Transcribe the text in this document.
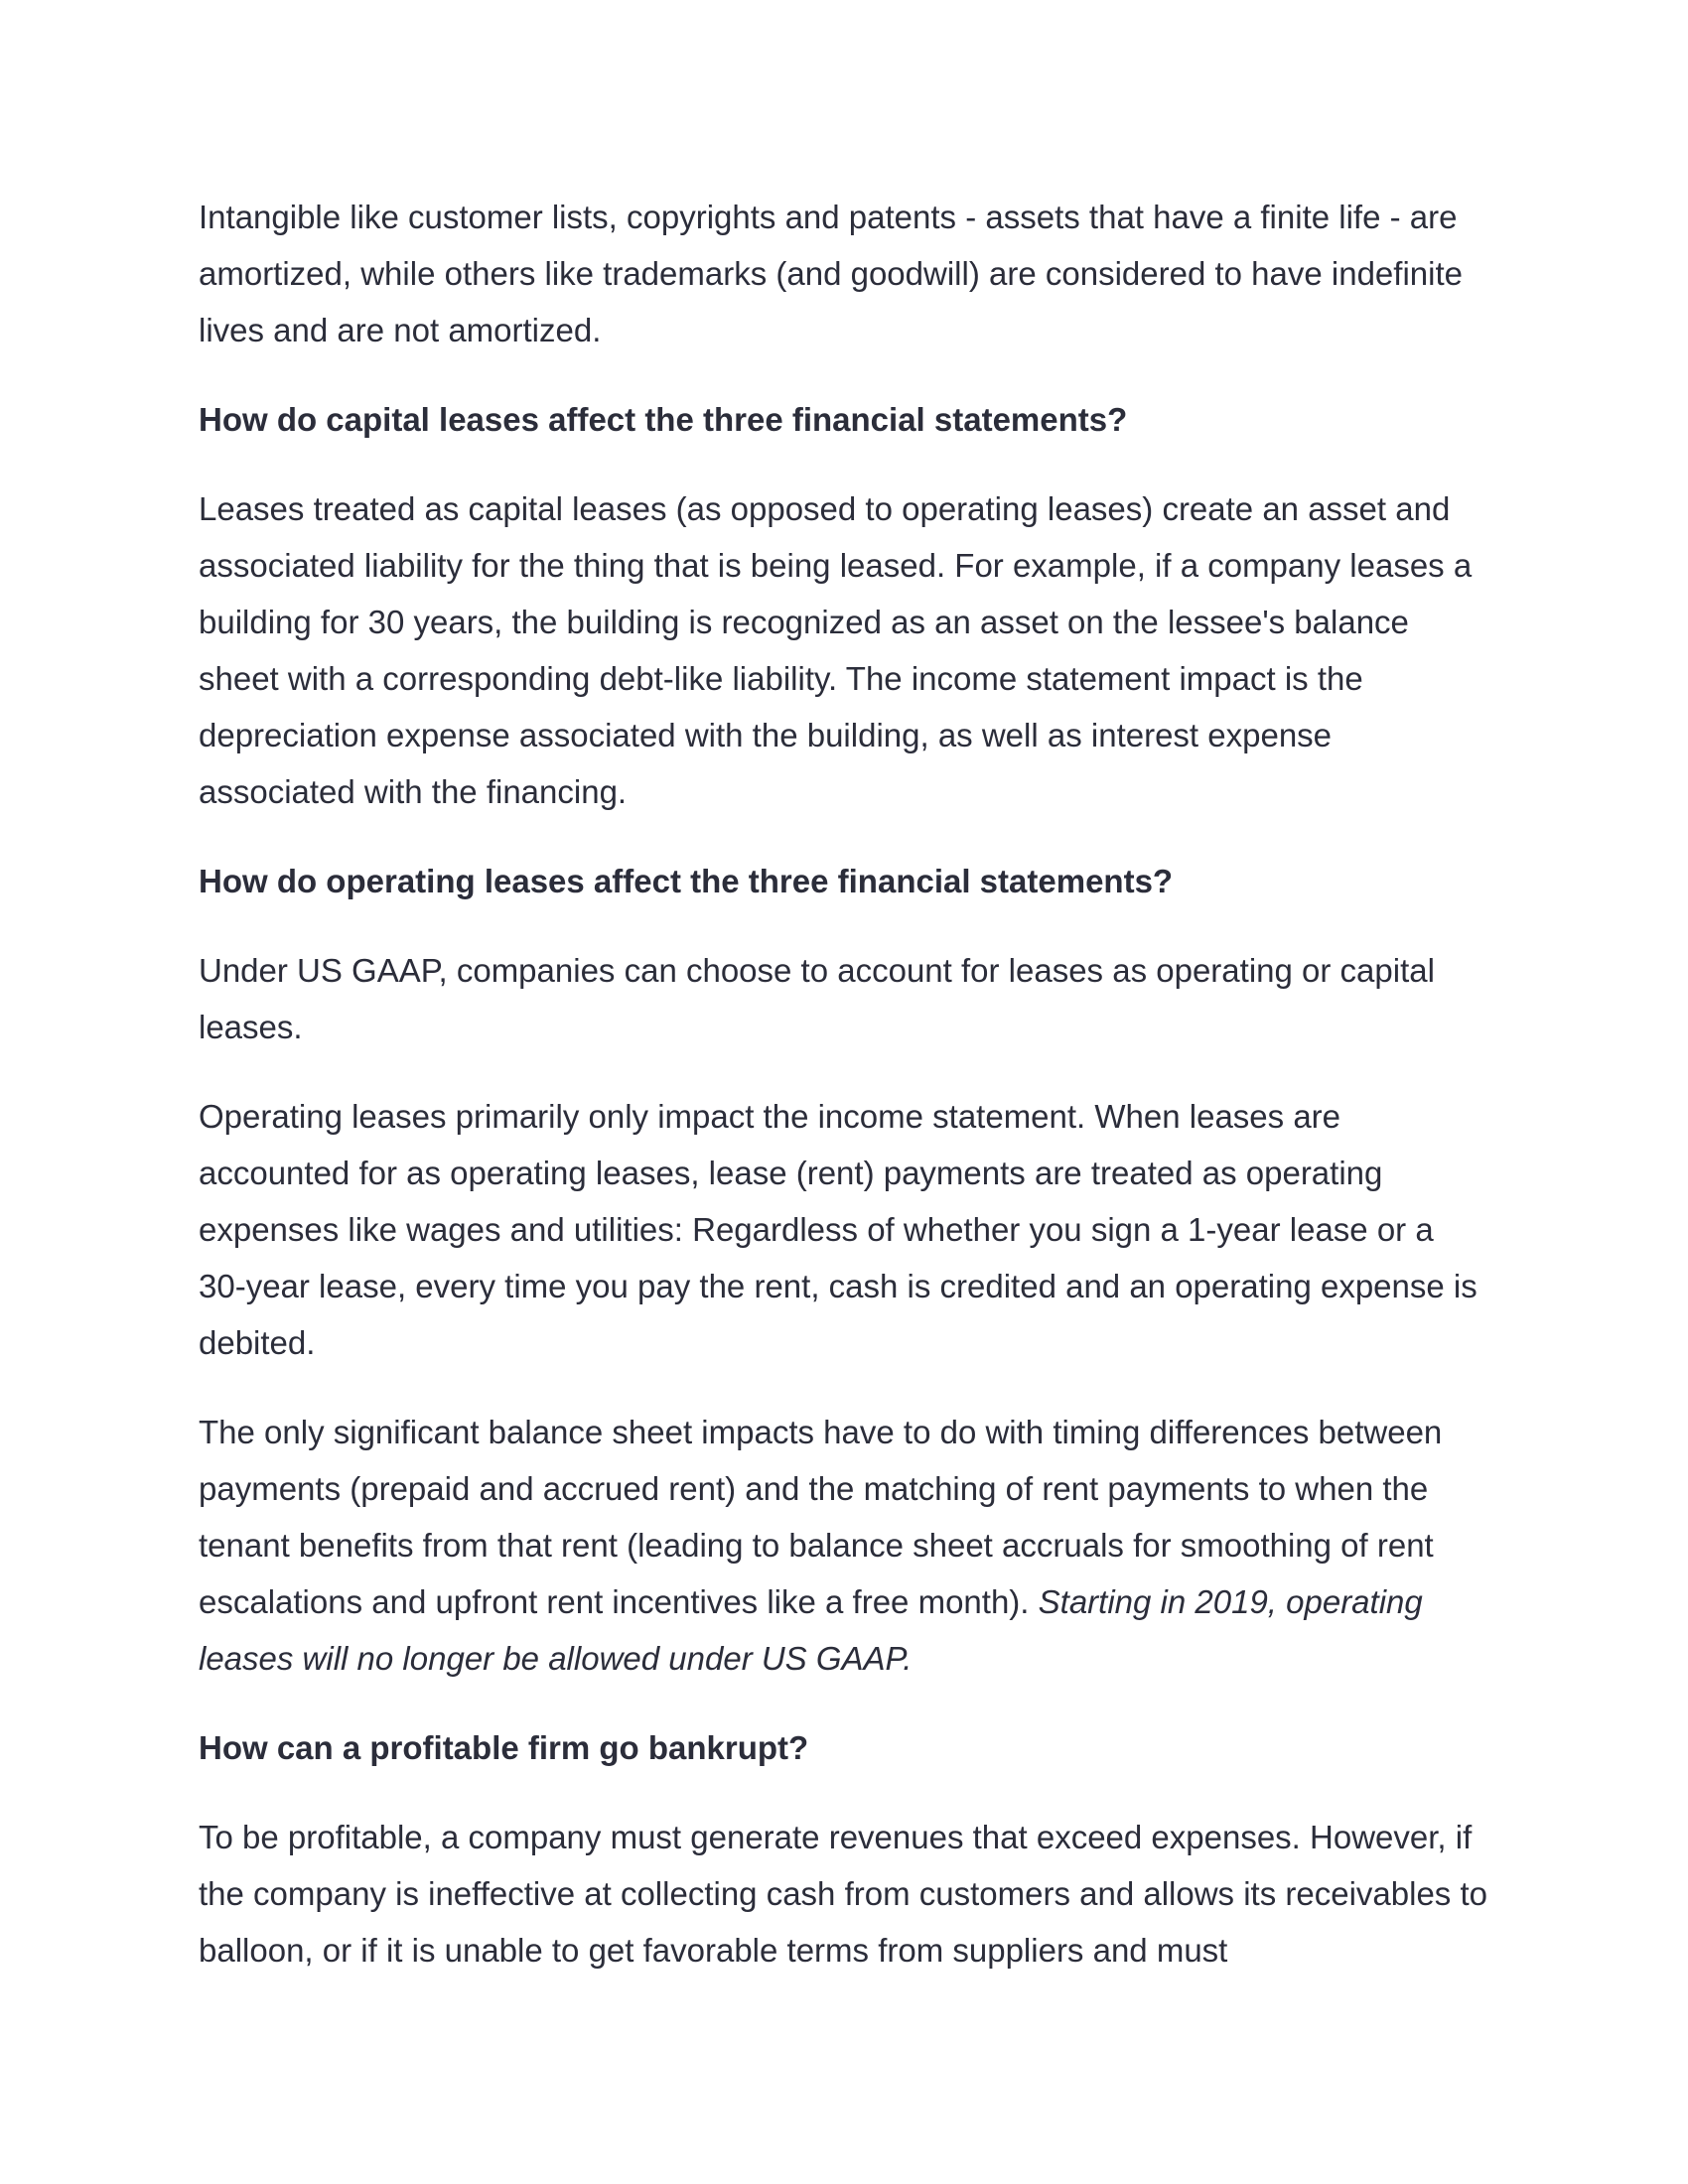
Intangible like customer lists, copyrights and patents - assets that have a finite life - are amortized, while others like trademarks (and goodwill) are considered to have indefinite lives and are not amortized.

How do capital leases affect the three financial statements?

Leases treated as capital leases (as opposed to operating leases) create an asset and associated liability for the thing that is being leased. For example, if a company leases a building for 30 years, the building is recognized as an asset on the lessee's balance sheet with a corresponding debt-like liability. The income statement impact is the depreciation expense associated with the building, as well as interest expense associated with the financing.

How do operating leases affect the three financial statements?

Under US GAAP, companies can choose to account for leases as operating or capital leases.

Operating leases primarily only impact the income statement. When leases are accounted for as operating leases, lease (rent) payments are treated as operating expenses like wages and utilities: Regardless of whether you sign a 1-year lease or a 30-year lease, every time you pay the rent, cash is credited and an operating expense is debited.

The only significant balance sheet impacts have to do with timing differences between payments (prepaid and accrued rent) and the matching of rent payments to when the tenant benefits from that rent (leading to balance sheet accruals for smoothing of rent escalations and upfront rent incentives like a free month). Starting in 2019, operating leases will no longer be allowed under US GAAP.

How can a profitable firm go bankrupt?

To be profitable, a company must generate revenues that exceed expenses. However, if the company is ineffective at collecting cash from customers and allows its receivables to balloon, or if it is unable to get favorable terms from suppliers and must
